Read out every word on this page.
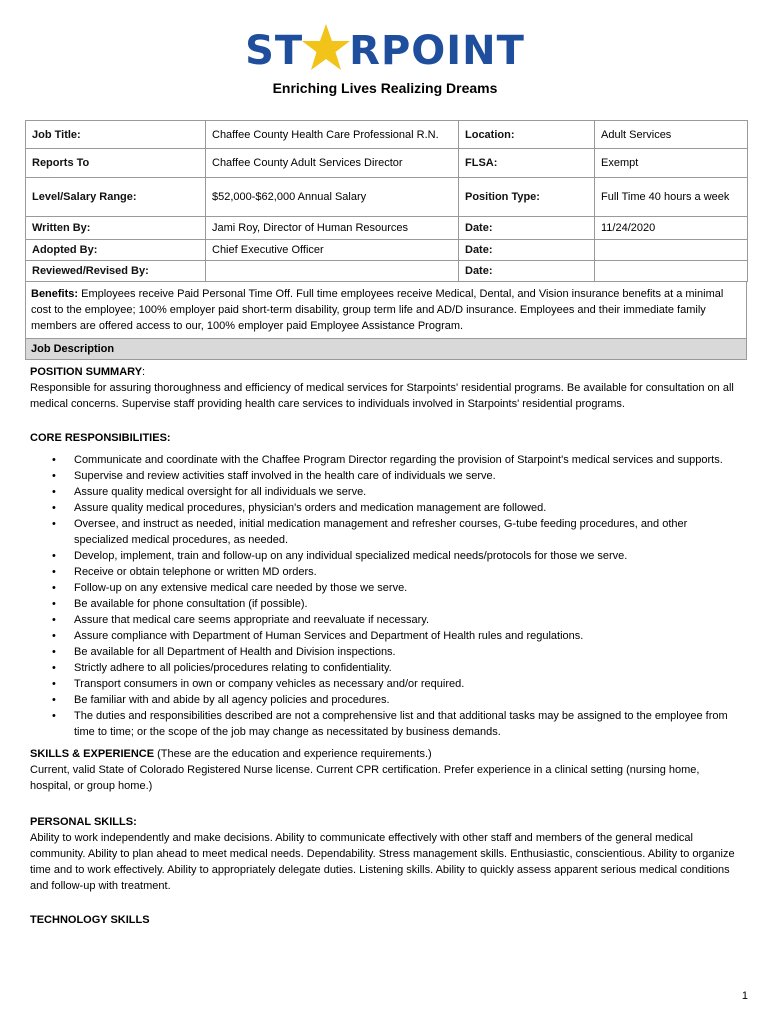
ST RPOINT
Enriching Lives Realizing Dreams
Job Title:	Chaffee County Health Care Professional R.N.	Location:	Adult Services
Reports To	Chaffee County Adult Services Director	FLSA:	Exempt
Level/Salary Range:	$52,000-$62,000 Annual Salary	Position Type:	Full Time 40 hours a week
Written By:	Jami Roy, Director of Human Resources	Date:	11/24/2020
Adopted By:	Chief Executive Officer	Date:	
Reviewed/Revised By:		Date:	
Benefits: Employees receive Paid Personal Time Off. Full time employees receive Medical, Dental, and Vision insurance benefits at a minimal cost to the employee; 100% employer paid short-term disability, group term life and AD/D insurance. Employees and their immediate family members are offered access to our, 100% employer paid Employee Assistance Program.
Job Description
POSITION SUMMARY:

Responsible for assuring thoroughness and efficiency of medical services for Starpoints' residential programs. Be available for consultation on all medical concerns. Supervise staff providing health care services to individuals involved in Starpoints' residential programs.

CORE RESPONSIBILITIES:
• Communicate and coordinate with the Chaffee Program Director regarding the provision of Starpoint's medical services and supports.
• Supervise and review activities staff involved in the health care of individuals we serve.
• Assure quality medical oversight for all individuals we serve.
• Assure quality medical procedures, physician's orders and medication management are followed.
• Oversee, and instruct as needed, initial medication management and refresher courses, G-tube feeding procedures, and other specialized medical procedures, as needed.
• Develop, implement, train and follow-up on any individual specialized medical needs/protocols for those we serve.
• Receive or obtain telephone or written MD orders.
• Follow-up on any extensive medical care needed by those we serve.
• Be available for phone consultation (if possible).
• Assure that medical care seems appropriate and reevaluate if necessary.
• Assure compliance with Department of Human Services and Department of Health rules and regulations.
• Be available for all Department of Health and Division inspections.
• Strictly adhere to all policies/procedures relating to confidentiality.
• Transport consumers in own or company vehicles as necessary and/or required.
• Be familiar with and abide by all agency policies and procedures.
• The duties and responsibilities described are not a comprehensive list and that additional tasks may be assigned to the employee from time to time; or the scope of the job may change as necessitated by business demands.
SKILLS & EXPERIENCE (These are the education and experience requirements.)

Current, valid State of Colorado Registered Nurse license. Current CPR certification. Prefer experience in a clinical setting (nursing home, hospital, or group home.)

PERSONAL SKILLS:

Ability to work independently and make decisions. Ability to communicate effectively with other staff and members of the general medical community. Ability to plan ahead to meet medical needs. Dependability. Stress management skills. Enthusiastic, conscientious. Ability to organize time and to work effectively. Ability to appropriately delegate duties. Listening skills. Ability to quickly assess apparent serious medical conditions and follow-up with treatment.

TECHNOLOGY SKILLS
1
